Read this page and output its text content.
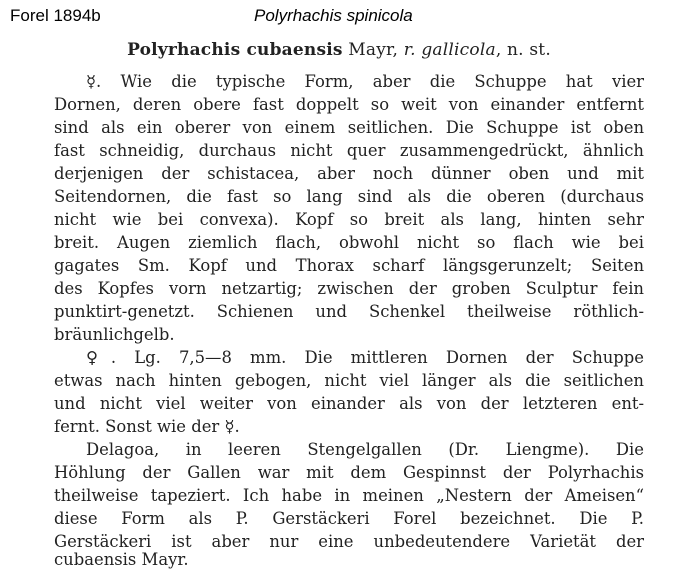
Forel 1894b	Polyrhachis spinicola
Polyrhachis cubaensis Mayr, r. gallicola, n. st.
☿. Wie die typische Form, aber die Schuppe hat vier
Dornen, deren obere fast doppelt so weit von einander entfernt
sind als ein oberer von einem seitlichen. Die Schuppe ist oben
fast schneidig, durchaus nicht quer zusammengedrückt, ähnlich
derjenigen der schistacea, aber noch dünner oben und mit
Seitendornen, die fast so lang sind als die oberen (durchaus
nicht wie bei convexa). Kopf so breit als lang, hinten sehr
breit. Augen ziemlich flach, obwohl nicht so flach wie bei
gagates Sm. Kopf und Thorax scharf längsgerunzelt; Seiten
des Kopfes vorn netzartig; zwischen der groben Sculptur fein
punktirt-genetzt. Schienen und Schenkel theilweise röthlich-
bräunlichgelb.
♀. Lg. 7,5—8 mm. Die mittleren Dornen der Schuppe
etwas nach hinten gebogen, nicht viel länger als die seitlichen
und nicht viel weiter von einander als von der letzteren ent-
fernt. Sonst wie der ☿.
Delagoa, in leeren Stengelgallen (Dr. Liengme). Die
Höhlung der Gallen war mit dem Gespinnst der Polyrhachis
theilweise tapeziert. Ich habe in meinen „Nestern der Ameisen“
diese Form als P. Gerstäckeri Forel bezeichnet. Die P.
Gerstäckeri ist aber nur eine unbedeutendere Varietät der
cubaensis Mayr.
